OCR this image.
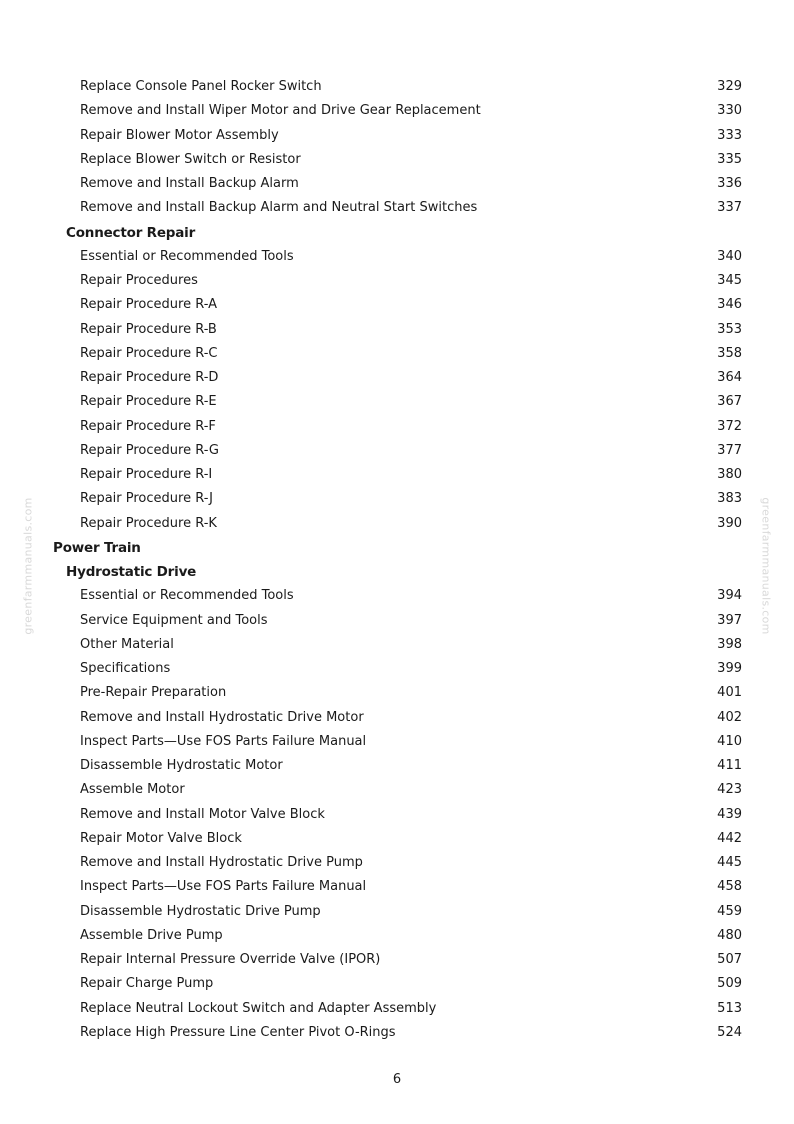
greenfarmmanuals.com	greenfarmmanuals.com
Replace Console Panel Rocker Switch	329
Remove and Install Wiper Motor and Drive Gear Replacement	330
Repair Blower Motor Assembly	333
Replace Blower Switch or Resistor	335
Remove and Install Backup Alarm	336
Remove and Install Backup Alarm and Neutral Start Switches	337
Connector Repair
Essential or Recommended Tools	340
Repair Procedures	345
Repair Procedure R-A	346
Repair Procedure R-B	353
Repair Procedure R-C	358
Repair Procedure R-D	364
Repair Procedure R-E	367
Repair Procedure R-F	372
Repair Procedure R-G	377
Repair Procedure R-I	380
Repair Procedure R-J	383
Repair Procedure R-K	390
Power Train
Hydrostatic Drive
Essential or Recommended Tools	394
Service Equipment and Tools	397
Other Material	398
Specifications	399
Pre-Repair Preparation	401
Remove and Install Hydrostatic Drive Motor	402
Inspect Parts—Use FOS Parts Failure Manual	410
Disassemble Hydrostatic Motor	411
Assemble Motor	423
Remove and Install Motor Valve Block	439
Repair Motor Valve Block	442
Remove and Install Hydrostatic Drive Pump	445
Inspect Parts—Use FOS Parts Failure Manual	458
Disassemble Hydrostatic Drive Pump	459
Assemble Drive Pump	480
Repair Internal Pressure Override Valve (IPOR)	507
Repair Charge Pump	509
Replace Neutral Lockout Switch and Adapter Assembly	513
Replace High Pressure Line Center Pivot O-Rings	524
6
